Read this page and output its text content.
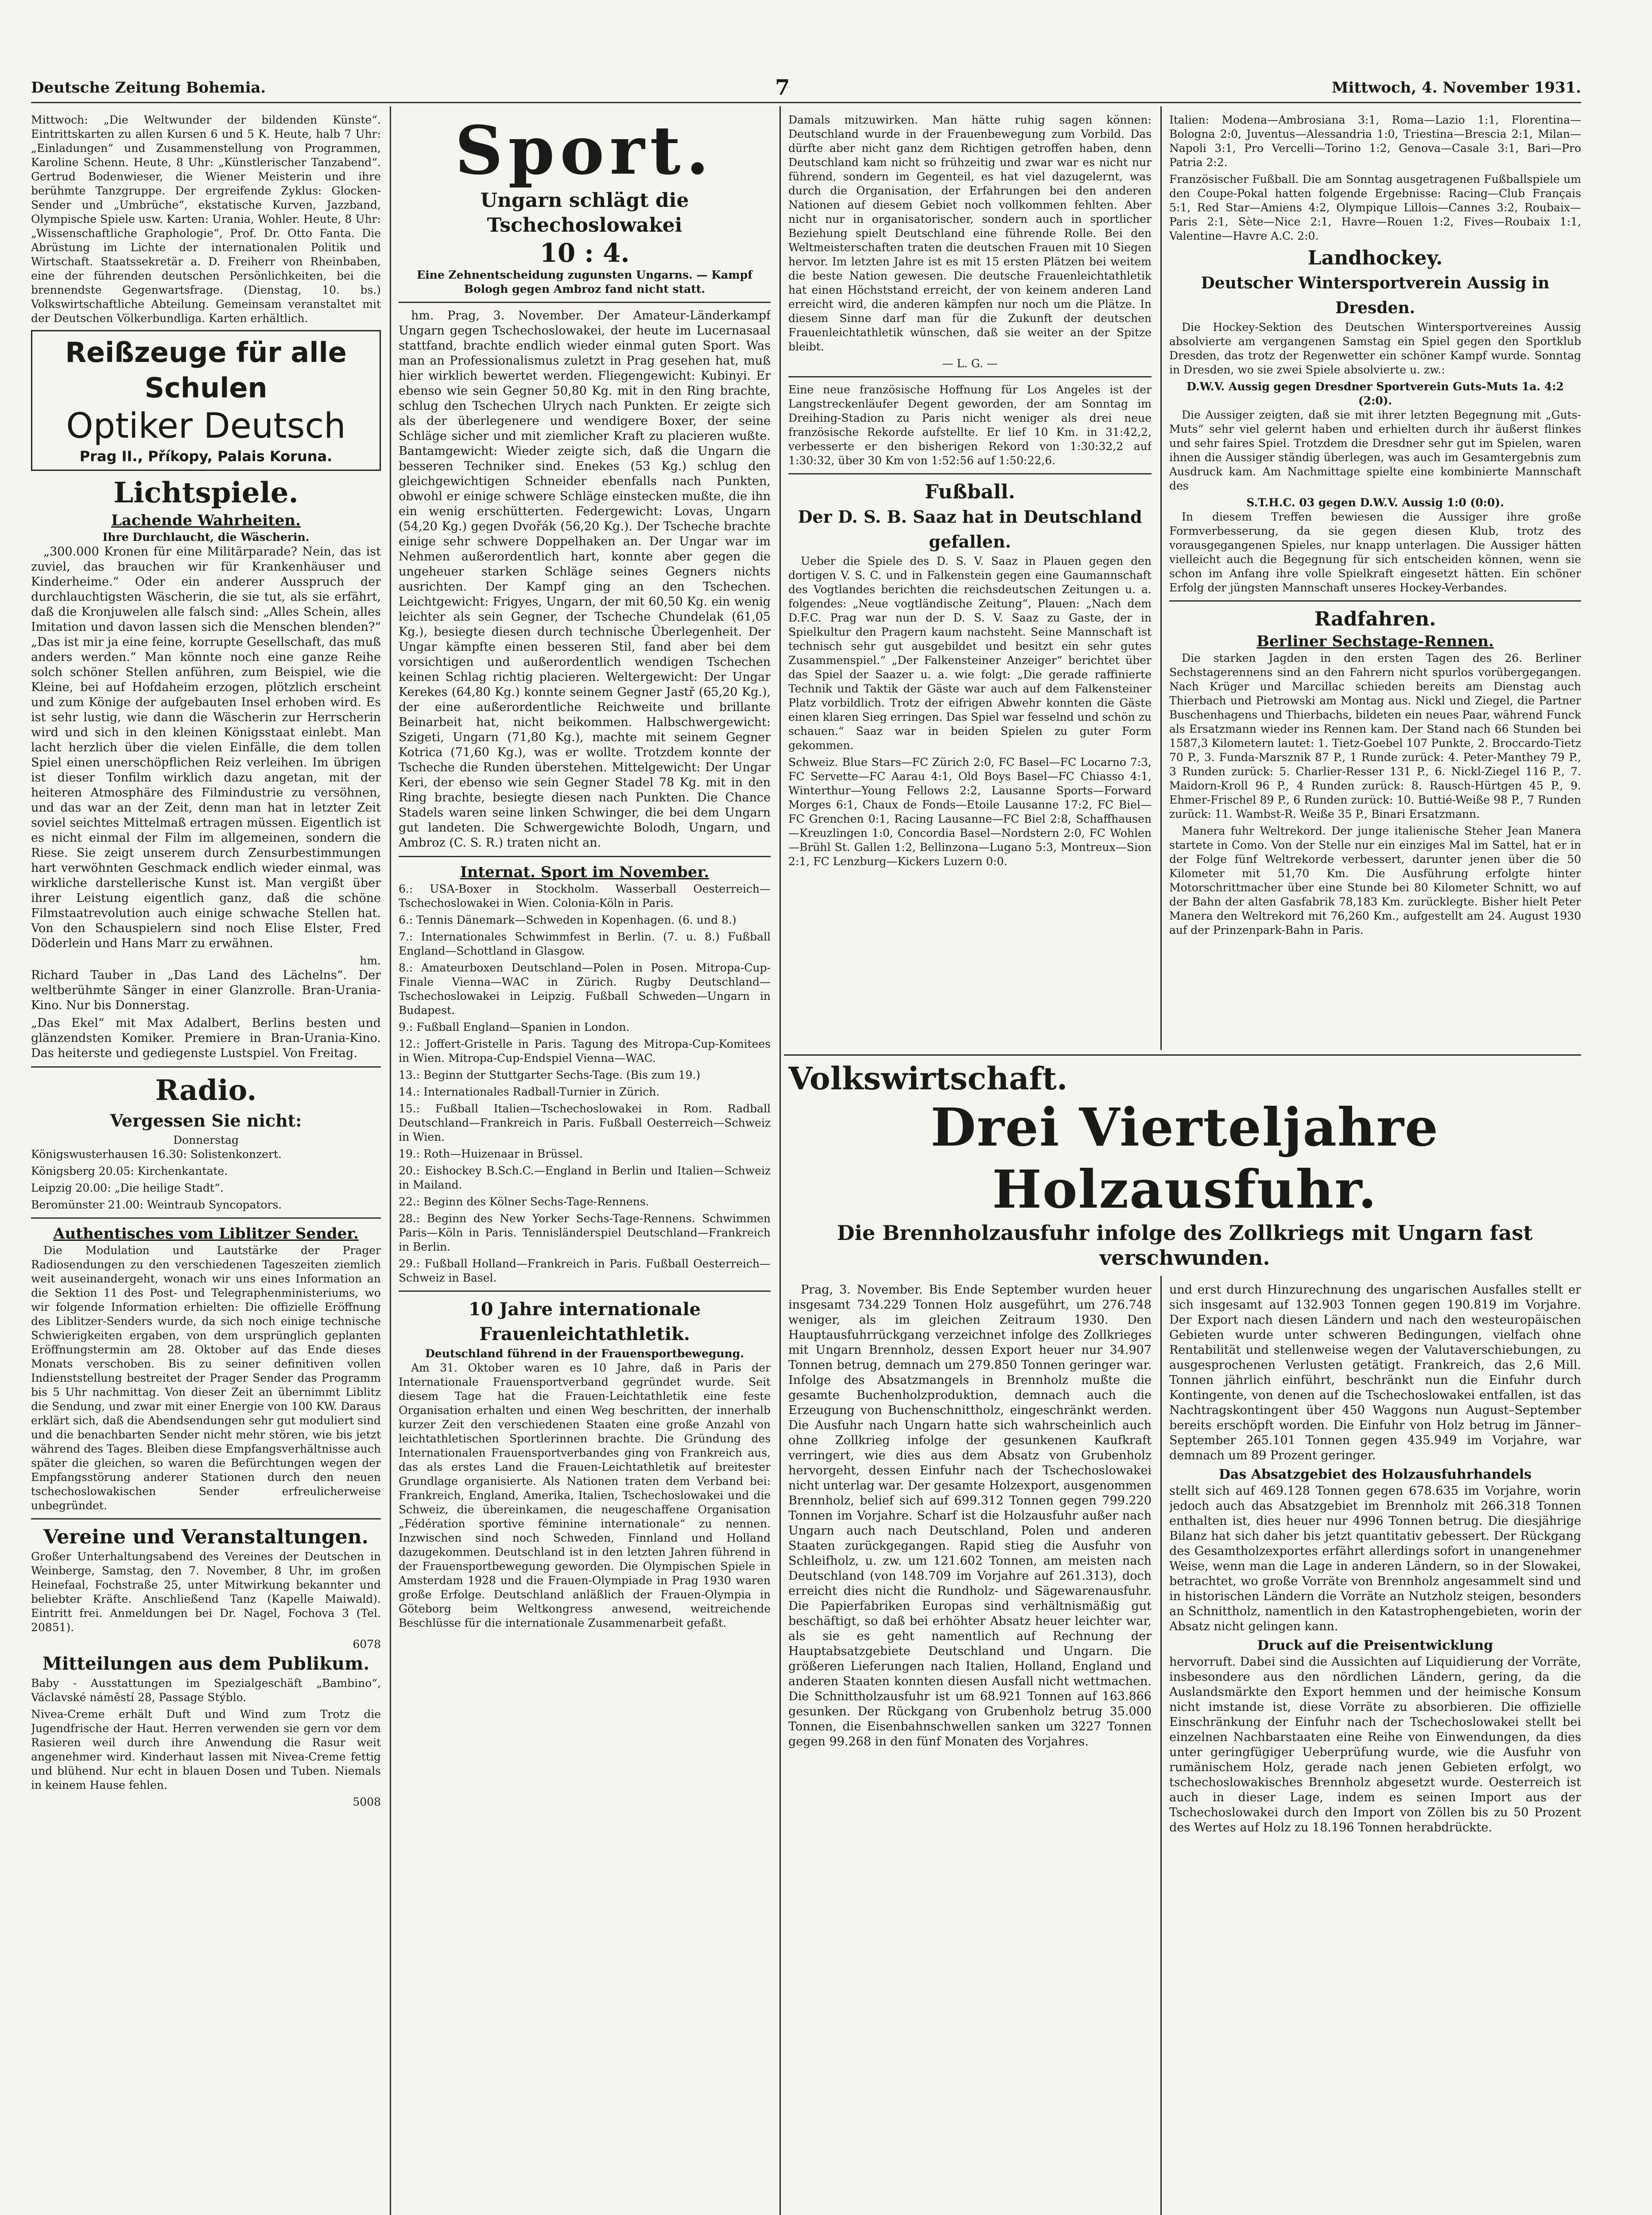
Deutsche Zeitung Bohemia.	7	Mittwoch, 4. November 1931.

Mittwoch: „Die Weltwunder der bildenden Künste“. Eintrittskarten zu allen Kursen 6 und 5 K. Heute, halb 7 Uhr: „Einladungen“ und Zusammenstellung von Programmen, Karoline Schenn. Heute, 8 Uhr: „Künstlerischer Tanzabend“. Gertrud Bodenwieser, die Wiener Meisterin und ihre berühmte Tanzgruppe. Der ergreifende Zyklus: Glocken-Sender und „Umbrüche“, ekstatische Kurven, Jazzband, Olympische Spiele usw. Karten: Urania, Wohler. Heute, 8 Uhr: „Wissenschaftliche Graphologie“, Prof. Dr. Otto Fanta. Die Abrüstung im Lichte der internationalen Politik und Wirtschaft. Staatssekretär a. D. Freiherr von Rheinbaben, eine der führenden deutschen Persönlichkeiten, bei die brennendste Gegenwartsfrage. (Dienstag, 10. bs.) Volkswirtschaftliche Abteilung. Gemeinsam veranstaltet mit der Deutschen Völkerbundliga. Karten erhältlich.

Reißzeuge für alle Schulen
Optiker Deutsch
Prag II., Příkopy, Palais Koruna.
Lichtspiele.
Lachende Wahrheiten.
Ihre Durchlaucht, die Wäscherin.

„300.000 Kronen für eine Militärparade? Nein, das ist zuviel, das brauchen wir für Krankenhäuser und Kinderheime.“ Oder ein anderer Ausspruch der durchlauchtigsten Wäscherin, die sie tut, als sie erfährt, daß die Kronjuwelen alle falsch sind: „Alles Schein, alles Imitation und davon lassen sich die Menschen blenden?“ „Das ist mir ja eine feine, korrupte Gesellschaft, das muß anders werden.“ Man könnte noch eine ganze Reihe solch schöner Stellen anführen, zum Beispiel, wie die Kleine, bei auf Hofdaheim erzogen, plötzlich erscheint und zum Könige der aufgebauten Insel erhoben wird. Es ist sehr lustig, wie dann die Wäscherin zur Herrscherin wird und sich in den kleinen Königsstaat einlebt. Man lacht herzlich über die vielen Einfälle, die dem tollen Spiel einen unerschöpflichen Reiz verleihen. Im übrigen ist dieser Tonfilm wirklich dazu angetan, mit der heiteren Atmosphäre des Filmindustrie zu versöhnen, und das war an der Zeit, denn man hat in letzter Zeit soviel seichtes Mittelmaß ertragen müssen. Eigentlich ist es nicht einmal der Film im allgemeinen, sondern die Riese. Sie zeigt unserem durch Zensurbestimmungen hart verwöhnten Geschmack endlich wieder einmal, was wirkliche darstellerische Kunst ist. Man vergißt über ihrer Leistung eigentlich ganz, daß die schöne Filmstaatrevolution auch einige schwache Stellen hat. Von den Schauspielern sind noch Elise Elster, Fred Döderlein und Hans Marr zu erwähnen.

hm.

Richard Tauber in „Das Land des Lächelns“. Der weltberühmte Sänger in einer Glanzrolle. Bran-Urania-Kino. Nur bis Donnerstag.

„Das Ekel“ mit Max Adalbert, Berlins besten und glänzendsten Komiker. Premiere in Bran-Urania-Kino. Das heiterste und gediegenste Lustspiel. Von Freitag.

Radio.
Vergessen Sie nicht:
Donnerstag
Königswusterhausen 16.30: Solistenkonzert.
Königsberg 20.05: Kirchenkantate.
Leipzig 20.00: „Die heilige Stadt“.
Beromünster 21.00: Weintraub Syncopators.
Authentisches vom Liblitzer Sender.

Die Modulation und Lautstärke der Prager Radiosendungen zu den verschiedenen Tageszeiten ziemlich weit auseinandergeht, wonach wir uns eines Information an die Sektion 11 des Post- und Telegraphenministeriums, wo wir folgende Information erhielten: Die offizielle Eröffnung des Liblitzer-Senders wurde, da sich noch einige technische Schwierigkeiten ergaben, von dem ursprünglich geplanten Eröffnungstermin am 28. Oktober auf das Ende dieses Monats verschoben. Bis zu seiner definitiven vollen Indienststellung bestreitet der Prager Sender das Programm bis 5 Uhr nachmittag. Von dieser Zeit an übernimmt Liblitz die Sendung, und zwar mit einer Energie von 100 KW. Daraus erklärt sich, daß die Abendsendungen sehr gut moduliert sind und die benachbarten Sender nicht mehr stören, wie bis jetzt während des Tages. Bleiben diese Empfangsverhältnisse auch später die gleichen, so waren die Befürchtungen wegen der Empfangsstörung anderer Stationen durch den neuen tschechoslowakischen Sender erfreulicherweise unbegründet.

Vereine und Veranstaltungen.

Großer Unterhaltungsabend des Vereines der Deutschen in Weinberge, Samstag, den 7. November, 8 Uhr, im großen Heinefaal, Fochstraße 25, unter Mitwirkung bekannter und beliebter Kräfte. Anschließend Tanz (Kapelle Maiwald). Eintritt frei. Anmeldungen bei Dr. Nagel, Fochova 3 (Tel. 20851).

6078
Mitteilungen aus dem Publikum.

Baby - Ausstattungen im Spezialgeschäft „Bambino“, Václavské náměstí 28, Passage Stýblo.

Nivea-Creme erhält Duft und Wind zum Trotz die Jugendfrische der Haut. Herren verwenden sie gern vor dem Rasieren weil durch ihre Anwendung die Rasur weit angenehmer wird. Kinderhaut lassen mit Nivea-Creme fettig und blühend. Nur echt in blauen Dosen und Tuben. Niemals in keinem Hause fehlen.

5008
Sport.
Ungarn schlägt die Tschechoslowakei
10 : 4.
Eine Zehnentscheidung zugunsten Ungarns. — Kampf Bologh gegen Ambroz fand nicht statt.

hm. Prag, 3. November. Der Amateur-Länderkampf Ungarn gegen Tschechoslowakei, der heute im Lucernasaal stattfand, brachte endlich wieder einmal guten Sport. Was man an Professionalismus zuletzt in Prag gesehen hat, muß hier wirklich bewertet werden. Fliegengewicht: Kubinyi. Er ebenso wie sein Gegner 50,80 Kg. mit in den Ring brachte, schlug den Tschechen Ulrych nach Punkten. Er zeigte sich als der überlegenere und wendigere Boxer, der seine Schläge sicher und mit ziemlicher Kraft zu placieren wußte. Bantamgewicht: Wieder zeigte sich, daß die Ungarn die besseren Techniker sind. Enekes (53 Kg.) schlug den gleichgewichtigen Schneider ebenfalls nach Punkten, obwohl er einige schwere Schläge einstecken mußte, die ihn ein wenig erschütterten. Federgewicht: Lovas, Ungarn (54,20 Kg.) gegen Dvořák (56,20 Kg.). Der Tscheche brachte einige sehr schwere Doppelhaken an. Der Ungar war im Nehmen außerordentlich hart, konnte aber gegen die ungeheuer starken Schläge seines Gegners nichts ausrichten. Der Kampf ging an den Tschechen. Leichtgewicht: Frigyes, Ungarn, der mit 60,50 Kg. ein wenig leichter als sein Gegner, der Tscheche Chundelak (61,05 Kg.), besiegte diesen durch technische Überlegenheit. Der Ungar kämpfte einen besseren Stil, fand aber bei dem vorsichtigen und außerordentlich wendigen Tschechen keinen Schlag richtig placieren. Weltergewicht: Der Ungar Kerekes (64,80 Kg.) konnte seinem Gegner Jastř (65,20 Kg.), der eine außerordentliche Reichweite und brillante Beinarbeit hat, nicht beikommen. Halbschwergewicht: Szigeti, Ungarn (71,80 Kg.), machte mit seinem Gegner Kotrica (71,60 Kg.), was er wollte. Trotzdem konnte der Tscheche die Runden überstehen. Mittelgewicht: Der Ungar Keri, der ebenso wie sein Gegner Stadel 78 Kg. mit in den Ring brachte, besiegte diesen nach Punkten. Die Chance Stadels waren seine linken Schwinger, die bei dem Ungarn gut landeten. Die Schwergewichte Bolodh, Ungarn, und Ambroz (C. S. R.) traten nicht an.

Internat. Sport im November.
6.: USA-Boxer in Stockholm. Wasserball Oesterreich—Tschechoslowakei in Wien. Colonia-Köln in Paris.
6.: Tennis Dänemark—Schweden in Kopenhagen. (6. und 8.)
7.: Internationales Schwimmfest in Berlin. (7. u. 8.) Fußball England—Schottland in Glasgow.
8.: Amateurboxen Deutschland—Polen in Posen. Mitropa-Cup-Finale Vienna—WAC in Zürich. Rugby Deutschland—Tschechoslowakei in Leipzig. Fußball Schweden—Ungarn in Budapest.
9.: Fußball England—Spanien in London.
12.: Joffert-Gristelle in Paris. Tagung des Mitropa-Cup-Komitees in Wien. Mitropa-Cup-Endspiel Vienna—WAC.
13.: Beginn der Stuttgarter Sechs-Tage. (Bis zum 19.)
14.: Internationales Radball-Turnier in Zürich.
15.: Fußball Italien—Tschechoslowakei in Rom. Radball Deutschland—Frankreich in Paris. Fußball Oesterreich—Schweiz in Wien.
19.: Roth—Huizenaar in Brüssel.
20.: Eishockey B.Sch.C.—England in Berlin und Italien—Schweiz in Mailand.
22.: Beginn des Kölner Sechs-Tage-Rennens.
28.: Beginn des New Yorker Sechs-Tage-Rennens. Schwimmen Paris—Köln in Paris. Tennisländerspiel Deutschland—Frankreich in Berlin.
29.: Fußball Holland—Frankreich in Paris. Fußball Oesterreich—Schweiz in Basel.
10 Jahre internationale Frauenleichtathletik.
Deutschland führend in der Frauensportbewegung.

Am 31. Oktober waren es 10 Jahre, daß in Paris der Internationale Frauensportverband gegründet wurde. Seit diesem Tage hat die Frauen-Leichtathletik eine feste Organisation erhalten und einen Weg beschritten, der innerhalb kurzer Zeit den verschiedenen Staaten eine große Anzahl von leichtathletischen Sportlerinnen brachte. Die Gründung des Internationalen Frauensportverbandes ging von Frankreich aus, das als erstes Land die Frauen-Leichtathletik auf breitester Grundlage organisierte. Als Nationen traten dem Verband bei: Frankreich, England, Amerika, Italien, Tschechoslowakei und die Schweiz, die übereinkamen, die neugeschaffene Organisation „Fédération sportive féminine internationale“ zu nennen. Inzwischen sind noch Schweden, Finnland und Holland dazugekommen. Deutschland ist in den letzten Jahren führend in der Frauensportbewegung geworden. Die Olympischen Spiele in Amsterdam 1928 und die Frauen-Olympiade in Prag 1930 waren große Erfolge. Deutschland anläßlich der Frauen-Olympia in Göteborg beim Weltkongress anwesend, weitreichende Beschlüsse für die internationale Zusammenarbeit gefaßt.

Damals mitzuwirken. Man hätte ruhig sagen können: Deutschland wurde in der Frauenbewegung zum Vorbild. Das dürfte aber nicht ganz dem Richtigen getroffen haben, denn Deutschland kam nicht so frühzeitig und zwar war es nicht nur führend, sondern im Gegenteil, es hat viel dazugelernt, was durch die Organisation, der Erfahrungen bei den anderen Nationen auf diesem Gebiet noch vollkommen fehlten. Aber nicht nur in organisatorischer, sondern auch in sportlicher Beziehung spielt Deutschland eine führende Rolle. Bei den Weltmeisterschaften traten die deutschen Frauen mit 10 Siegen hervor. Im letzten Jahre ist es mit 15 ersten Plätzen bei weitem die beste Nation gewesen. Die deutsche Frauenleichtathletik hat einen Höchststand erreicht, der von keinem anderen Land erreicht wird, die anderen kämpfen nur noch um die Plätze. In diesem Sinne darf man für die Zukunft der deutschen Frauenleichtathletik wünschen, daß sie weiter an der Spitze bleibt.

— L. G. —

Eine neue französische Hoffnung für Los Angeles ist der Langstreckenläufer Degent geworden, der am Sonntag im Dreihing-Stadion zu Paris nicht weniger als drei neue französische Rekorde aufstellte. Er lief 10 Km. in 31:42,2, verbesserte er den bisherigen Rekord von 1:30:32,2 auf 1:30:32, über 30 Km von 1:52:56 auf 1:50:22,6.

Fußball.
Der D. S. B. Saaz hat in Deutschland gefallen.

Ueber die Spiele des D. S. V. Saaz in Plauen gegen den dortigen V. S. C. und in Falkenstein gegen eine Gaumannschaft des Vogtlandes berichten die reichsdeutschen Zeitungen u. a. folgendes: „Neue vogtländische Zeitung“, Plauen: „Nach dem D.F.C. Prag war nun der D. S. V. Saaz zu Gaste, der in Spielkultur den Pragern kaum nachsteht. Seine Mannschaft ist technisch sehr gut ausgebildet und besitzt ein sehr gutes Zusammenspiel.“ „Der Falkensteiner Anzeiger“ berichtet über das Spiel der Saazer u. a. wie folgt: „Die gerade raffinierte Technik und Taktik der Gäste war auch auf dem Falkensteiner Platz vorbildlich. Trotz der eifrigen Abwehr konnten die Gäste einen klaren Sieg erringen. Das Spiel war fesselnd und schön zu schauen.“ Saaz war in beiden Spielen zu guter Form gekommen.

Schweiz. Blue Stars—FC Zürich 2:0, FC Basel—FC Locarno 7:3, FC Servette—FC Aarau 4:1, Old Boys Basel—FC Chiasso 4:1, Winterthur—Young Fellows 2:2, Lausanne Sports—Forward Morges 6:1, Chaux de Fonds—Etoile Lausanne 17:2, FC Biel—FC Grenchen 0:1, Racing Lausanne—FC Biel 2:8, Schaffhausen—Kreuzlingen 1:0, Concordia Basel—Nordstern 2:0, FC Wohlen—Brühl St. Gallen 1:2, Bellinzona—Lugano 5:3, Montreux—Sion 2:1, FC Lenzburg—Kickers Luzern 0:0.

Italien: Modena—Ambrosiana 3:1, Roma—Lazio 1:1, Florentina—Bologna 2:0, Juventus—Alessandria 1:0, Triestina—Brescia 2:1, Milan—Napoli 3:1, Pro Vercelli—Torino 1:2, Genova—Casale 3:1, Bari—Pro Patria 2:2.

Französischer Fußball. Die am Sonntag ausgetragenen Fußballspiele um den Coupe-Pokal hatten folgende Ergebnisse: Racing—Club Français 5:1, Red Star—Amiens 4:2, Olympique Lillois—Cannes 3:2, Roubaix—Paris 2:1, Sète—Nice 2:1, Havre—Rouen 1:2, Fives—Roubaix 1:1, Valentine—Havre A.C. 2:0.

Landhockey.
Deutscher Wintersportverein Aussig in Dresden.

Die Hockey-Sektion des Deutschen Wintersportvereines Aussig absolvierte am vergangenen Samstag ein Spiel gegen den Sportklub Dresden, das trotz der Regenwetter ein schöner Kampf wurde. Sonntag in Dresden, wo sie zwei Spiele absolvierte u. zw.:

D.W.V. Aussig gegen Dresdner Sportverein Guts-Muts 1a. 4:2 (2:0).

Die Aussiger zeigten, daß sie mit ihrer letzten Begegnung mit „Guts-Muts“ sehr viel gelernt haben und erhielten durch ihr äußerst flinkes und sehr faires Spiel. Trotzdem die Dresdner sehr gut im Spielen, waren ihnen die Aussiger ständig überlegen, was auch im Gesamtergebnis zum Ausdruck kam. Am Nachmittage spielte eine kombinierte Mannschaft des

S.T.H.C. 03 gegen D.W.V. Aussig 1:0 (0:0).

In diesem Treffen bewiesen die Aussiger ihre große Formverbesserung, da sie gegen diesen Klub, trotz des vorausgegangenen Spieles, nur knapp unterlagen. Die Aussiger hätten vielleicht auch die Begegnung für sich entscheiden können, wenn sie schon im Anfang ihre volle Spielkraft eingesetzt hätten. Ein schöner Erfolg der jüngsten Mannschaft unseres Hockey-Verbandes.

Radfahren.
Berliner Sechstage-Rennen.

Die starken Jagden in den ersten Tagen des 26. Berliner Sechstagerennens sind an den Fahrern nicht spurlos vorübergegangen. Nach Krüger und Marcillac schieden bereits am Dienstag auch Thierbach und Pietrowski am Montag aus. Nickl und Ziegel, die Partner Buschenhagens und Thierbachs, bildeten ein neues Paar, während Funck als Ersatzmann wieder ins Rennen kam. Der Stand nach 66 Stunden bei 1587,3 Kilometern lautet: 1. Tietz-Goebel 107 Punkte, 2. Broccardo-Tietz 70 P., 3. Funda-Marsznik 87 P., 1 Runde zurück: 4. Peter-Manthey 79 P., 3 Runden zurück: 5. Charlier-Resser 131 P., 6. Nickl-Ziegel 116 P., 7. Maidorn-Kroll 96 P., 4 Runden zurück: 8. Rausch-Hürtgen 45 P., 9. Ehmer-Frischel 89 P., 6 Runden zurück: 10. Buttié-Weiße 98 P., 7 Runden zurück: 11. Wambst-R. Weiße 35 P., Binari Ersatzmann.

Manera fuhr Weltrekord. Der junge italienische Steher Jean Manera startete in Como. Von der Stelle nur ein einziges Mal im Sattel, hat er in der Folge fünf Weltrekorde verbessert, darunter jenen über die 50 Kilometer mit 51,70 Km. Die Ausführung erfolgte hinter Motorschrittmacher über eine Stunde bei 80 Kilometer Schnitt, wo auf der Bahn der alten Gasfabrik 78,183 Km. zurücklegte. Bisher hielt Peter Manera den Weltrekord mit 76,260 Km., aufgestellt am 24. August 1930 auf der Prinzenpark-Bahn in Paris.

Volkswirtschaft.
Drei Vierteljahre Holzausfuhr.
Die Brennholzausfuhr infolge des Zollkriegs mit Ungarn fast verschwunden.

Prag, 3. November. Bis Ende September wurden heuer insgesamt 734.229 Tonnen Holz ausgeführt, um 276.748 weniger, als im gleichen Zeitraum 1930. Den Hauptausfuhrrückgang verzeichnet infolge des Zollkrieges mit Ungarn Brennholz, dessen Export heuer nur 34.907 Tonnen betrug, demnach um 279.850 Tonnen geringer war. Infolge des Absatzmangels in Brennholz mußte die gesamte Buchenholzproduktion, demnach auch die Erzeugung von Buchenschnittholz, eingeschränkt werden. Die Ausfuhr nach Ungarn hatte sich wahrscheinlich auch ohne Zollkrieg infolge der gesunkenen Kaufkraft verringert, wie dies aus dem Absatz von Grubenholz hervorgeht, dessen Einfuhr nach der Tschechoslowakei nicht unterlag war. Der gesamte Holzexport, ausgenommen Brennholz, belief sich auf 699.312 Tonnen gegen 799.220 Tonnen im Vorjahre. Scharf ist die Holzausfuhr außer nach Ungarn auch nach Deutschland, Polen und anderen Staaten zurückgegangen. Rapid stieg die Ausfuhr von Schleifholz, u. zw. um 121.602 Tonnen, am meisten nach Deutschland (von 148.709 im Vorjahre auf 261.313), doch erreicht dies nicht die Rundholz- und Sägewarenausfuhr. Die Papierfabriken Europas sind verhältnismäßig gut beschäftigt, so daß bei erhöhter Absatz heuer leichter war, als sie es geht namentlich auf Rechnung der Hauptabsatzgebiete Deutschland und Ungarn. Die größeren Lieferungen nach Italien, Holland, England und anderen Staaten konnten diesen Ausfall nicht wettmachen. Die Schnittholzausfuhr ist um 68.921 Tonnen auf 163.866 gesunken. Der Rückgang von Grubenholz betrug 35.000 Tonnen, die Eisenbahnschwellen sanken um 3227 Tonnen gegen 99.268 in den fünf Monaten des Vorjahres.

und erst durch Hinzurechnung des ungarischen Ausfalles stellt er sich insgesamt auf 132.903 Tonnen gegen 190.819 im Vorjahre. Der Export nach diesen Ländern und nach den westeuropäischen Gebieten wurde unter schweren Bedingungen, vielfach ohne Rentabilität und stellenweise wegen der Valutaverschiebungen, zu ausgesprochenen Verlusten getätigt. Frankreich, das 2,6 Mill. Tonnen jährlich einführt, beschränkt nun die Einfuhr durch Kontingente, von denen auf die Tschechoslowakei entfallen, ist das Nachtragskontingent über 450 Waggons nun August–September bereits erschöpft worden. Die Einfuhr von Holz betrug im Jänner–September 265.101 Tonnen gegen 435.949 im Vorjahre, war demnach um 89 Prozent geringer.

Das Absatzgebiet des Holzausfuhrhandels

stellt sich auf 469.128 Tonnen gegen 678.635 im Vorjahre, worin jedoch auch das Absatzgebiet im Brennholz mit 266.318 Tonnen enthalten ist, dies heuer nur 4996 Tonnen betrug. Die diesjährige Bilanz hat sich daher bis jetzt quantitativ gebessert. Der Rückgang des Gesamtholzexportes erfährt allerdings sofort in unangenehmer Weise, wenn man die Lage in anderen Ländern, so in der Slowakei, betrachtet, wo große Vorräte von Brennholz angesammelt sind und in historischen Ländern die Vorräte an Nutzholz steigen, besonders an Schnittholz, namentlich in den Katastrophengebieten, worin der Absatz nicht gelingen kann.

Druck auf die Preisentwicklung

hervorruft. Dabei sind die Aussichten auf Liquidierung der Vorräte, insbesondere aus den nördlichen Ländern, gering, da die Auslandsmärkte den Export hemmen und der heimische Konsum nicht imstande ist, diese Vorräte zu absorbieren. Die offizielle Einschränkung der Einfuhr nach der Tschechoslowakei stellt bei einzelnen Nachbarstaaten eine Reihe von Einwendungen, da dies unter geringfügiger Ueberprüfung wurde, wie die Ausfuhr von rumänischem Holz, gerade nach jenen Gebieten erfolgt, wo tschechoslowakisches Brennholz abgesetzt wurde. Oesterreich ist auch in dieser Lage, indem es seinen Import aus der Tschechoslowakei durch den Import von Zöllen bis zu 50 Prozent des Wertes auf Holz zu 18.196 Tonnen herabdrückte.
